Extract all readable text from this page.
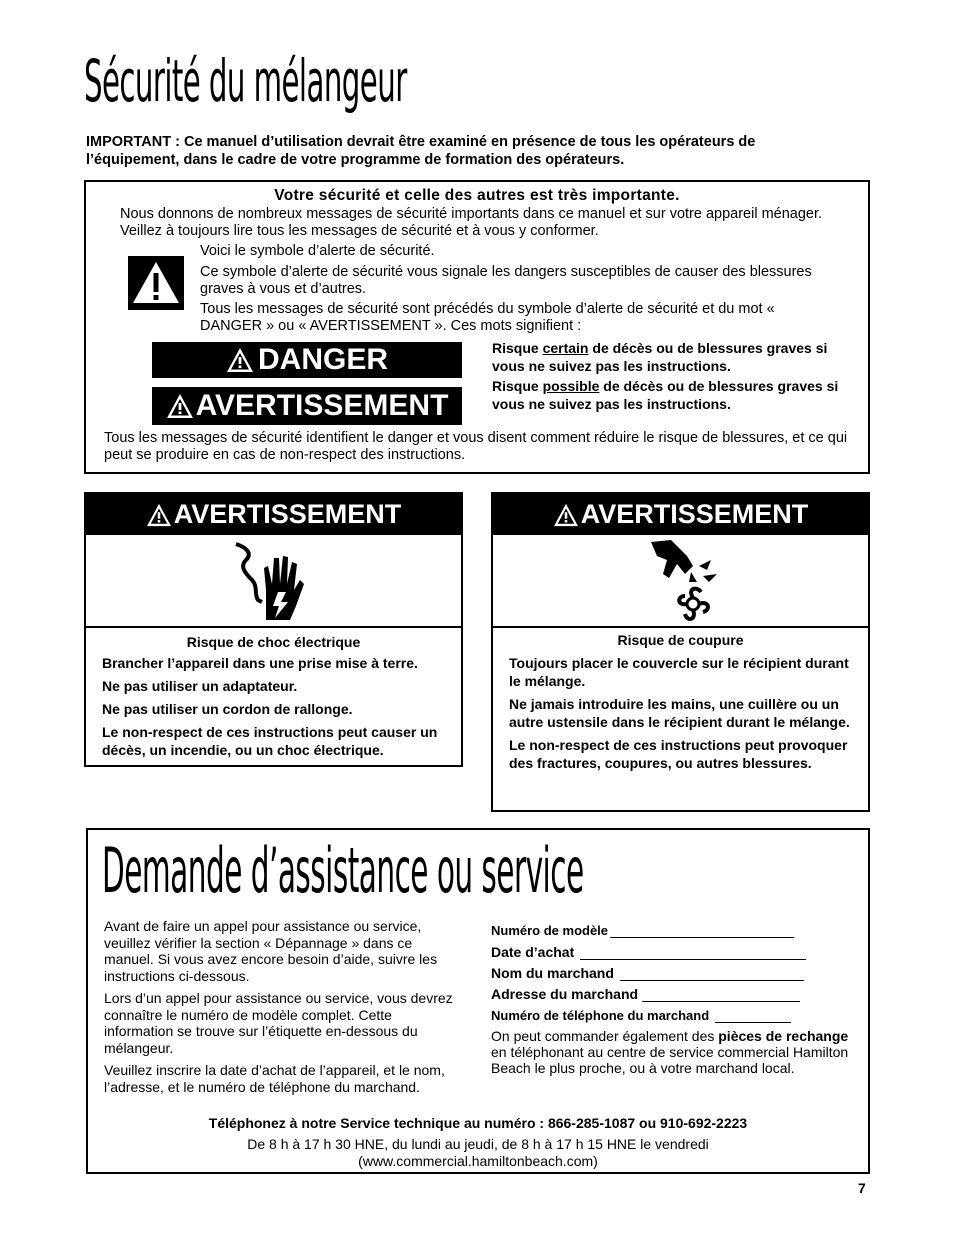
Sécurité du mélangeur

IMPORTANT : Ce manuel d’utilisation devrait être examiné en présence de tous les opérateurs de l’équipement, dans le cadre de votre programme de formation des opérateurs.

Votre sécurité et celle des autres est très importante.

Nous donnons de nombreux messages de sécurité importants dans ce manuel et sur votre appareil ménager. Veillez à toujours lire tous les messages de sécurité et à vous y conformer.

Voici le symbole d’alerte de sécurité.

Ce symbole d’alerte de sécurité vous signale les dangers susceptibles de causer des blessures graves à vous et d’autres.

Tous les messages de sécurité sont précédés du symbole d’alerte de sécurité et du mot « DANGER » ou « AVERTISSEMENT ». Ces mots signifient :

DANGER
AVERTISSEMENT

Risque certain de décès ou de blessures graves si vous ne suivez pas les instructions.

Risque possible de décès ou de blessures graves si vous ne suivez pas les instructions.

Tous les messages de sécurité identifient le danger et vous disent comment réduire le risque de blessures, et ce qui peut se produire en cas de non-respect des instructions.

AVERTISSEMENT
Risque de choc électrique

Brancher l’appareil dans une prise mise à terre.

Ne pas utiliser un adaptateur.

Ne pas utiliser un cordon de rallonge.

Le non-respect de ces instructions peut causer un décès, un incendie, ou un choc électrique.

AVERTISSEMENT
Risque de coupure

Toujours placer le couvercle sur le récipient durant le mélange.

Ne jamais introduire les mains, une cuillère ou un autre ustensile dans le récipient durant le mélange.

Le non-respect de ces instructions peut provoquer des fractures, coupures, ou autres blessures.

Demande d’assistance ou service

Avant de faire un appel pour assistance ou service, veuillez vérifier la section « Dépannage » dans ce manuel. Si vous avez encore besoin d’aide, suivre les instructions ci-dessous.

Lors d’un appel pour assistance ou service, vous devrez connaître le numéro de modèle complet. Cette information se trouve sur l’étiquette en-dessous du mélangeur.

Veuillez inscrire la date d’achat de l’appareil, et le nom, l’adresse, et le numéro de téléphone du marchand.

Numéro de modèle
Date d’achat
Nom du marchand
Adresse du marchand
Numéro de téléphone du marchand

On peut commander également des pièces de rechange en téléphonant au centre de service commercial Hamilton Beach le plus proche, ou à votre marchand local.

Téléphonez à notre Service technique au numéro : 866-285-1087 ou 910-692-2223
De 8 h à 17 h 30 HNE, du lundi au jeudi, de 8 h à 17 h 15 HNE le vendredi
(www.commercial.hamiltonbeach.com)
7
